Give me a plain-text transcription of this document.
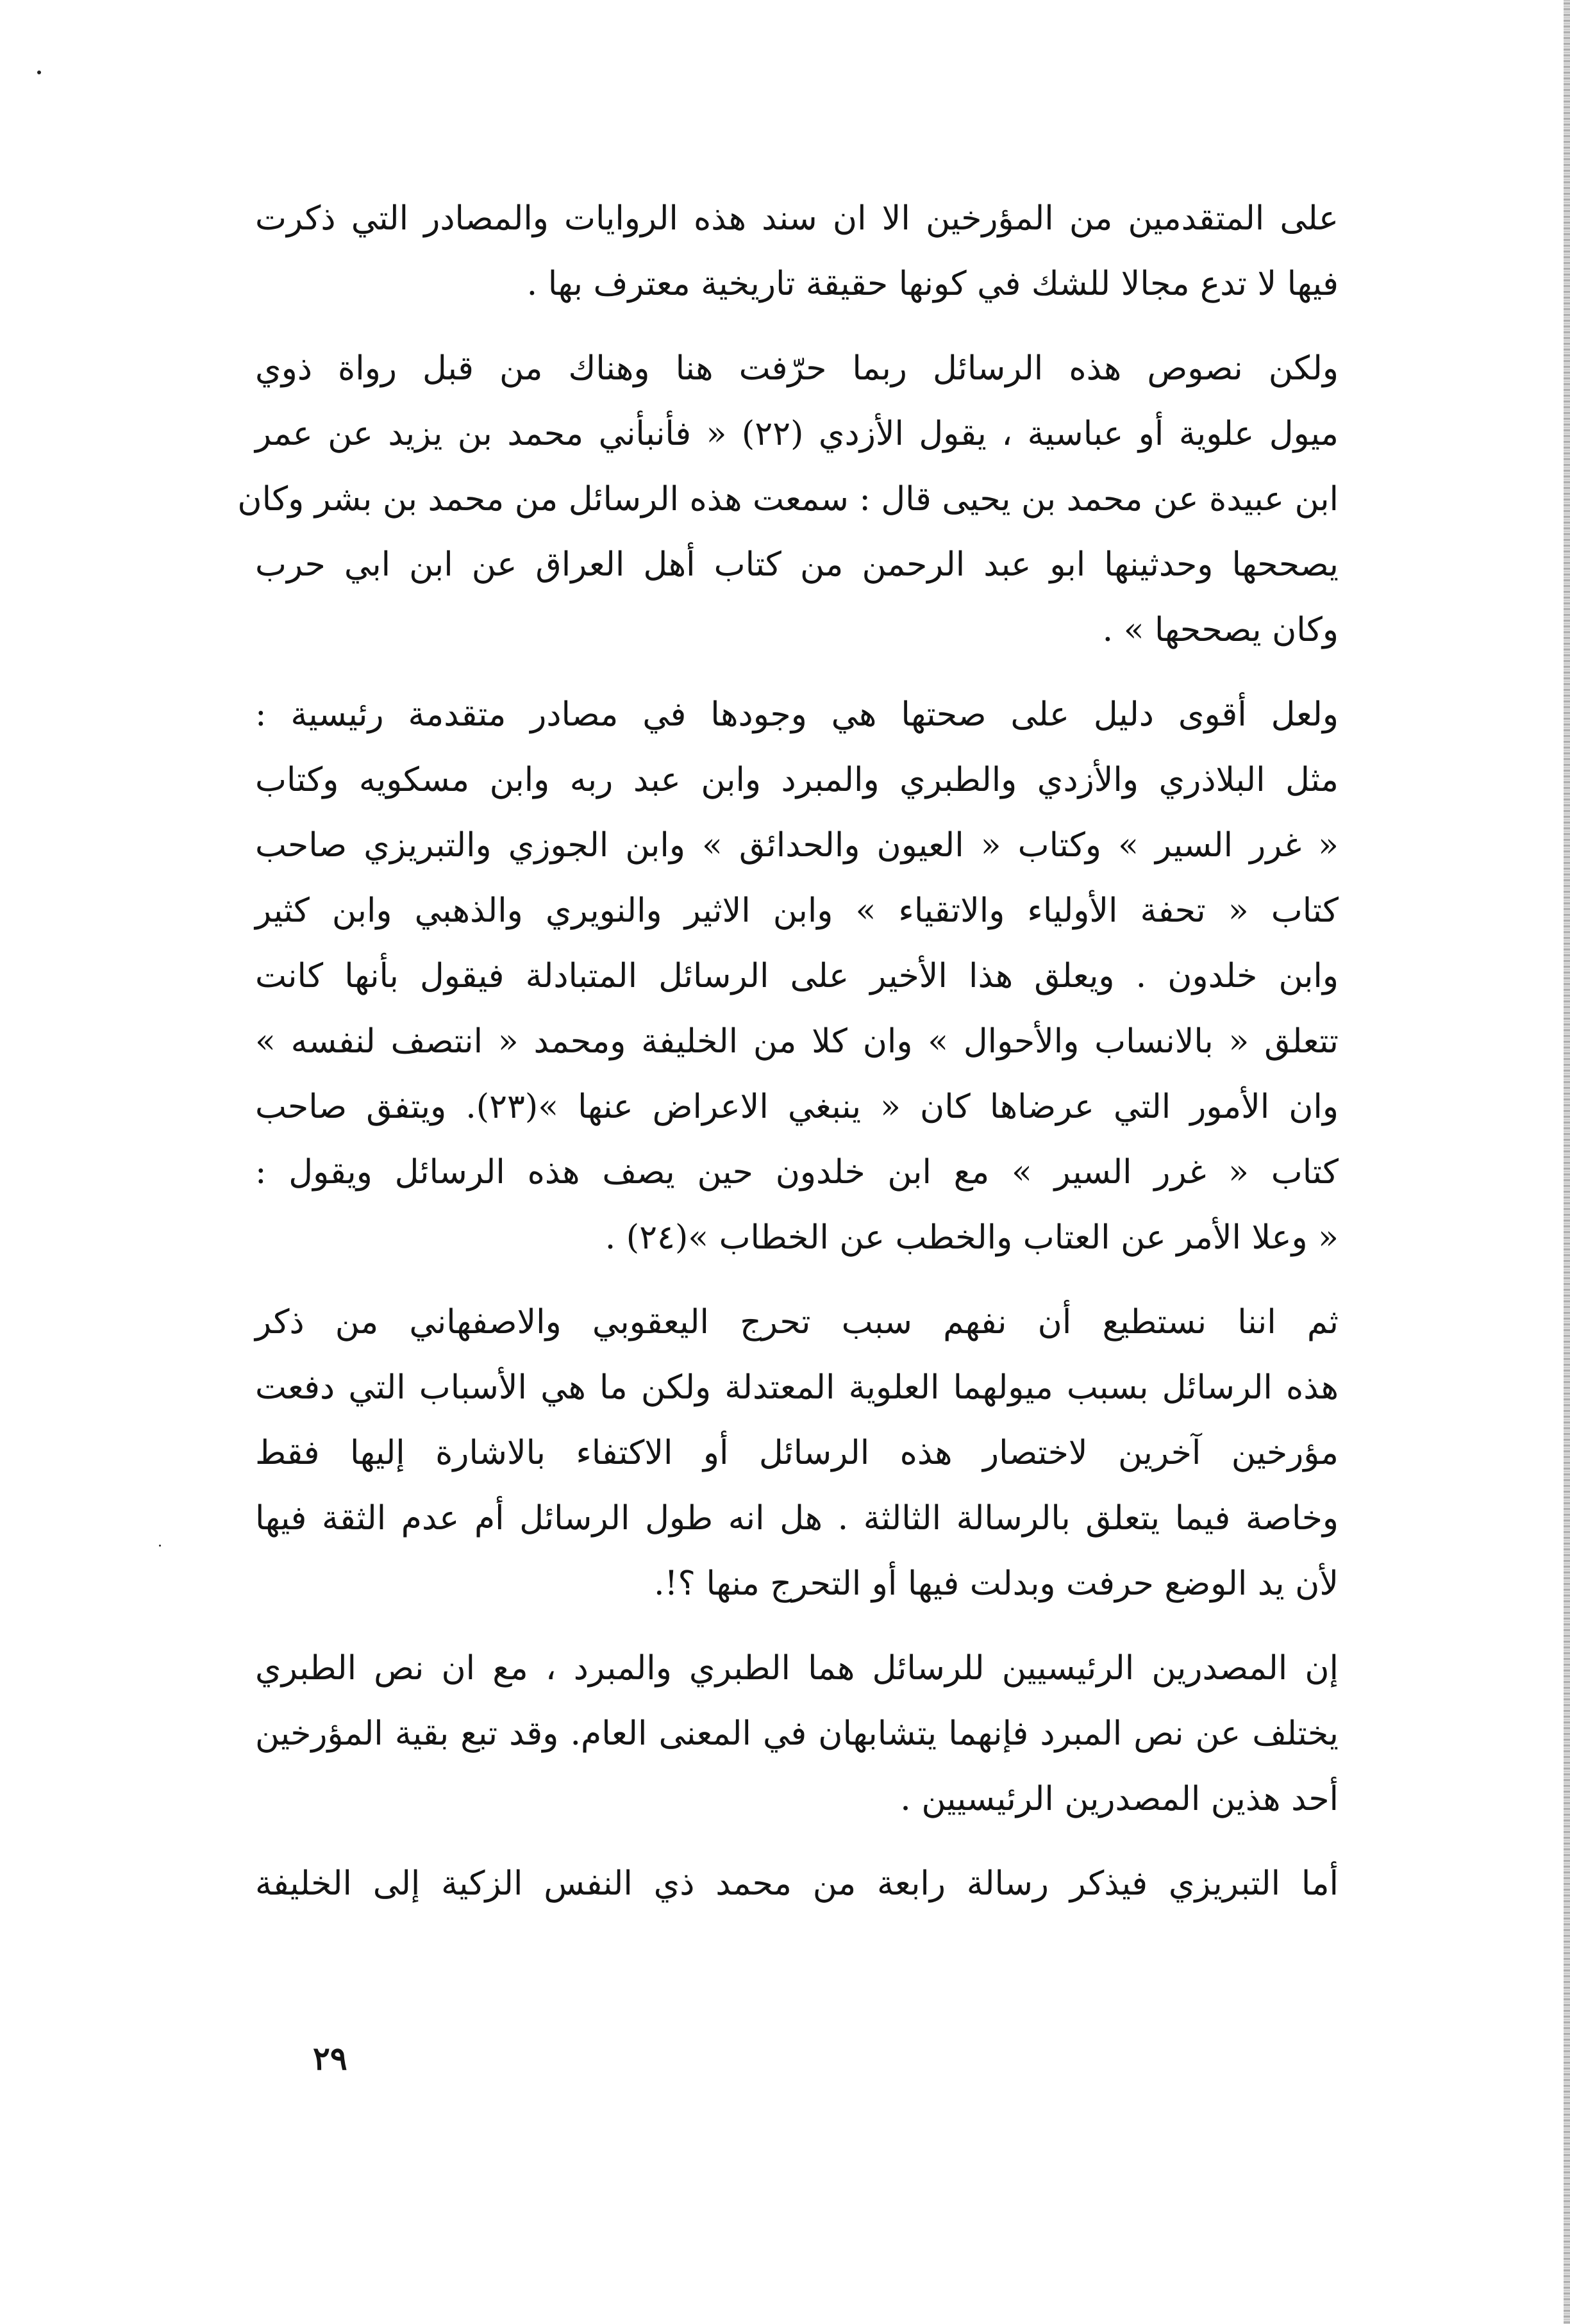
على المتقدمين من المؤرخين الا ان سند هذه الروايات والمصادر التي ذكرت
فيها لا تدع مجالا للشك في كونها حقيقة تاريخية معترف بها .
ولكن نصوص هذه الرسائل ربما حرّفت هنا وهناك من قبل رواة ذوي
ميول علوية أو عباسية ، يقول الأزدي (٢٢) « فأنبأني محمد بن يزيد عن عمر
ابن عبيدة عن محمد بن يحيى قال : سمعت هذه الرسائل من محمد بن بشر وكان
يصححها وحدثينها ابو عبد الرحمن من كتاب أهل العراق عن ابن ابي حرب
وكان يصححها » .
ولعل أقوى دليل على صحتها هي وجودها في مصادر متقدمة رئيسية :
مثل البلاذري والأزدي والطبري والمبرد وابن عبد ربه وابن مسكويه وكتاب
« غرر السير » وكتاب « العيون والحدائق » وابن الجوزي والتبريزي صاحب
كتاب « تحفة الأولياء والاتقياء » وابن الاثير والنويري والذهبي وابن كثير
وابن خلدون . ويعلق هذا الأخير على الرسائل المتبادلة فيقول بأنها كانت
تتعلق « بالانساب والأحوال » وان كلا من الخليفة ومحمد « انتصف لنفسه »
وان الأمور التي عرضاها كان « ينبغي الاعراض عنها »(٢٣). ويتفق صاحب
كتاب « غرر السير » مع ابن خلدون حين يصف هذه الرسائل ويقول :
« وعلا الأمر عن العتاب والخطب عن الخطاب »(٢٤) .
ثم اننا نستطيع أن نفهم سبب تحرج اليعقوبي والاصفهاني من ذكر
هذه الرسائل بسبب ميولهما العلوية المعتدلة ولكن ما هي الأسباب التي دفعت
مؤرخين آخرين لاختصار هذه الرسائل أو الاكتفاء بالاشارة إليها فقط
وخاصة فيما يتعلق بالرسالة الثالثة . هل انه طول الرسائل أم عدم الثقة فيها
لأن يد الوضع حرفت وبدلت فيها أو التحرج منها ؟!.
إن المصدرين الرئيسيين للرسائل هما الطبري والمبرد ، مع ان نص الطبري
يختلف عن نص المبرد فإنهما يتشابهان في المعنى العام. وقد تبع بقية المؤرخين
أحد هذين المصدرين الرئيسيين .
أما التبريزي فيذكر رسالة رابعة من محمد ذي النفس الزكية إلى الخليفة
٢٩
